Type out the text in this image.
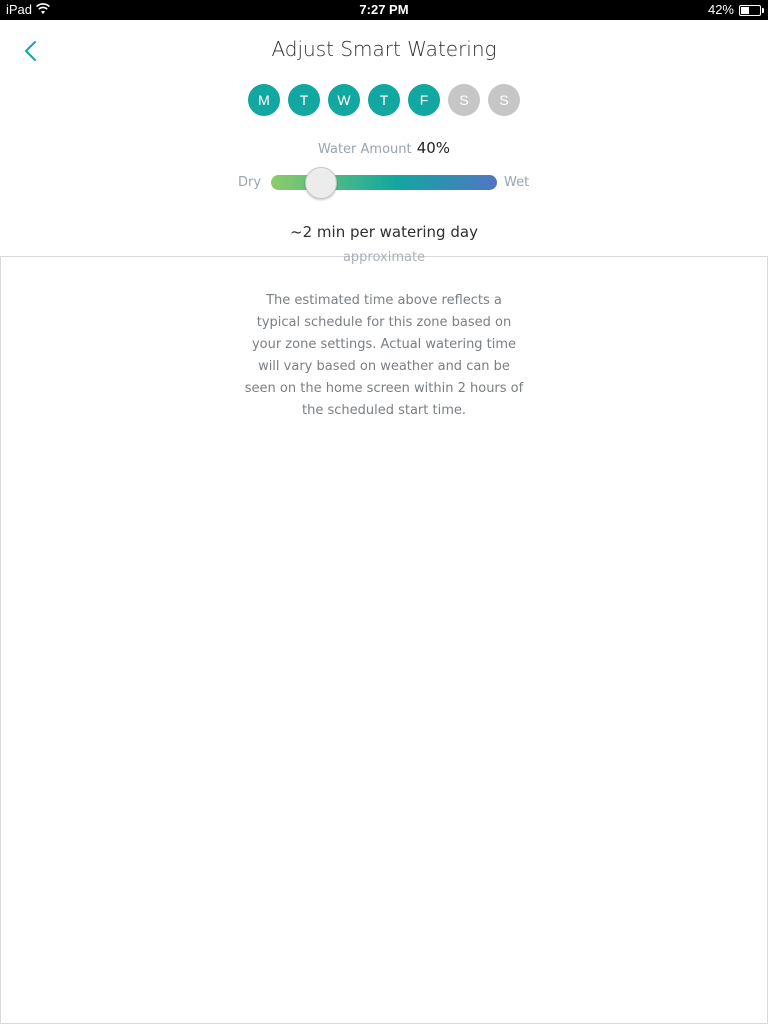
iPad	7:27 PM	42%
Adjust Smart Watering
M	T	W	T	F	S	S
Water Amount 40%
Dry	Wet
~2 min per watering day
approximate
The estimated time above reflects a typical schedule for this zone based on your zone settings. Actual watering time will vary based on weather and can be seen on the home screen within 2 hours of the scheduled start time.
